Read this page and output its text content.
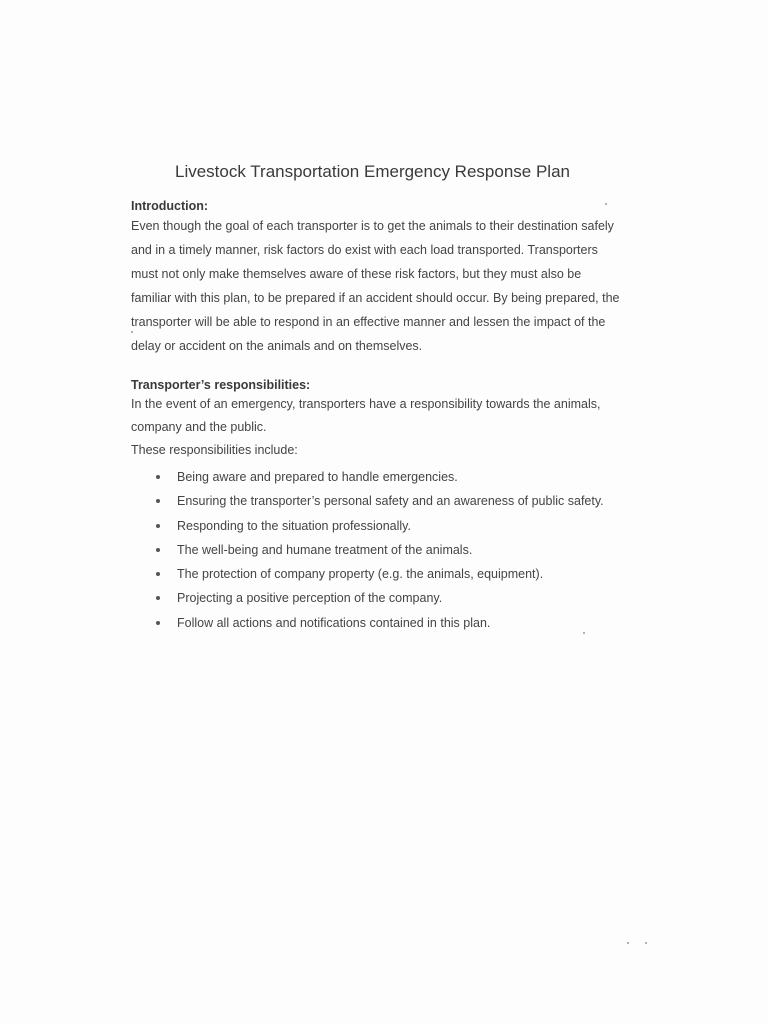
Livestock Transportation Emergency Response Plan
Introduction:
Even though the goal of each transporter is to get the animals to their destination safely
and in a timely manner, risk factors do exist with each load transported. Transporters
must not only make themselves aware of these risk factors, but they must also be
familiar with this plan, to be prepared if an accident should occur. By being prepared, the
transporter will be able to respond in an effective manner and lessen the impact of the
delay or accident on the animals and on themselves.
Transporter’s responsibilities:
In the event of an emergency, transporters have a responsibility towards the animals,
company and the public.
These responsibilities include:
Being aware and prepared to handle emergencies.
Ensuring the transporter’s personal safety and an awareness of public safety.
Responding to the situation professionally.
The well-being and humane treatment of the animals.
The protection of company property (e.g. the animals, equipment).
Projecting a positive perception of the company.
Follow all actions and notifications contained in this plan.
